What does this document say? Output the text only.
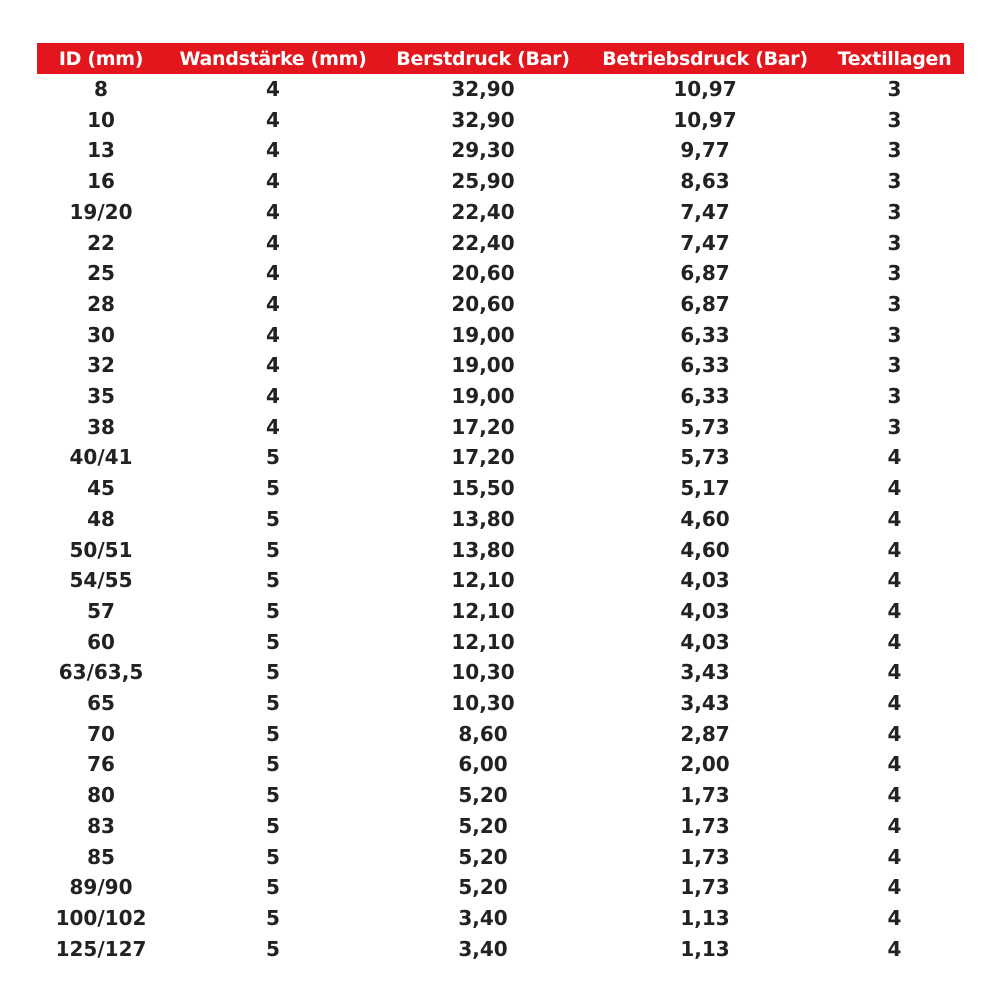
ID (mm)	Wandstärke (mm)	Berstdruck (Bar)	Betriebsdruck (Bar)	Textillagen
8	4	32,90	10,97	3
10	4	32,90	10,97	3
13	4	29,30	9,77	3
16	4	25,90	8,63	3
19/20	4	22,40	7,47	3
22	4	22,40	7,47	3
25	4	20,60	6,87	3
28	4	20,60	6,87	3
30	4	19,00	6,33	3
32	4	19,00	6,33	3
35	4	19,00	6,33	3
38	4	17,20	5,73	3
40/41	5	17,20	5,73	4
45	5	15,50	5,17	4
48	5	13,80	4,60	4
50/51	5	13,80	4,60	4
54/55	5	12,10	4,03	4
57	5	12,10	4,03	4
60	5	12,10	4,03	4
63/63,5	5	10,30	3,43	4
65	5	10,30	3,43	4
70	5	8,60	2,87	4
76	5	6,00	2,00	4
80	5	5,20	1,73	4
83	5	5,20	1,73	4
85	5	5,20	1,73	4
89/90	5	5,20	1,73	4
100/102	5	3,40	1,13	4
125/127	5	3,40	1,13	4
